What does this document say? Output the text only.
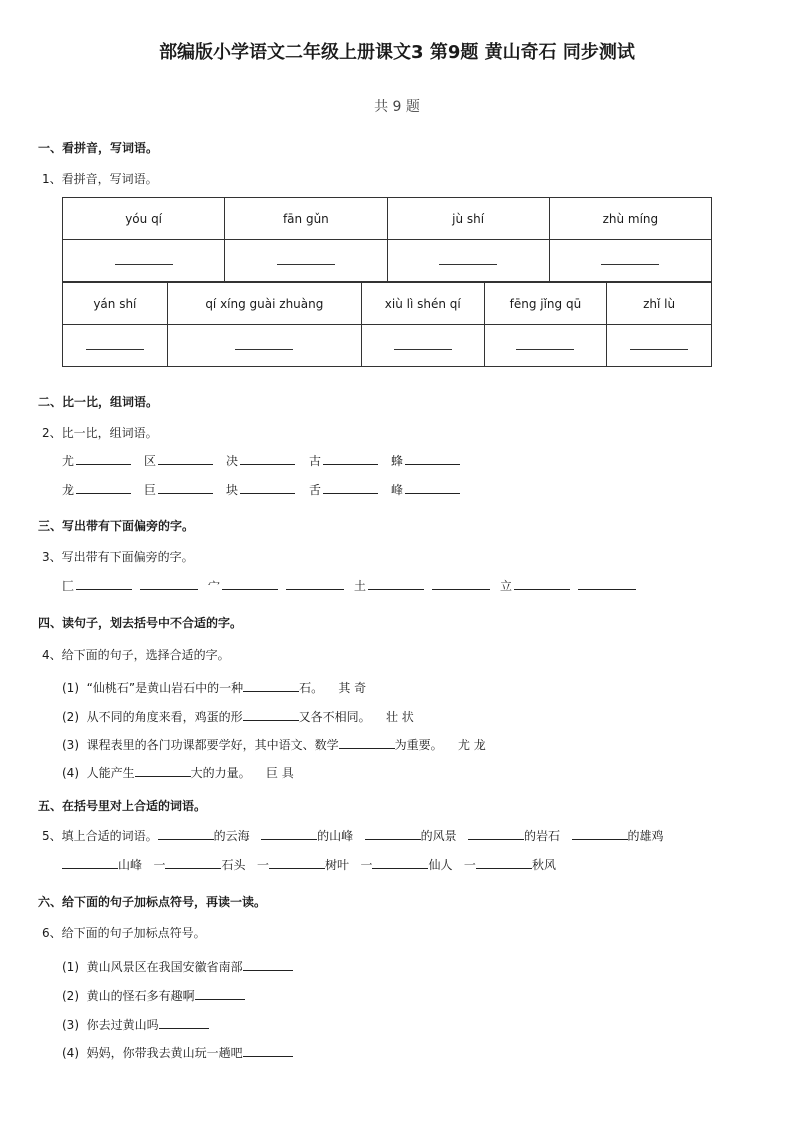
部编版小学语文二年级上册课文3 第9题 黄山奇石 同步测试
共 9 题
一、看拼音，写词语。
1、看拼音，写词语。
yóu qí	fān gǔn	jù shí	zhù míng

yán shí	qí xíng guài zhuàng	xiù lì shén qí	fēng jǐng qū	zhǐ lù

二、比一比，组词语。
2、比一比，组词语。
尤	区	决	古	蜂
龙	巨	块	舌	峰
三、写出带有下面偏旁的字。
3、写出带有下面偏旁的字。
匚	宀	土	立
四、读句子，划去括号中不合适的字。
4、给下面的句子，选择合适的字。
(1) “仙桃石”是黄山岩石中的一种	石。 其 奇
(2) 从不同的角度来看，鸡蛋的形	又各不相同。 壮 状
(3) 课程表里的各门功课都要学好，其中语文、数学	为重要。 尤 龙
(4) 人能产生	大的力量。 巨 具
五、在括号里对上合适的词语。
5、填上合适的词语。	的云海	的山峰	的风景	的岩石	的雄鸡
山峰 一	石头 一	树叶 一	仙人 一	秋风
六、给下面的句子加标点符号，再读一读。
6、给下面的句子加标点符号。
(1) 黄山风景区在我国安徽省南部
(2) 黄山的怪石多有趣啊
(3) 你去过黄山吗
(4) 妈妈，你带我去黄山玩一趟吧
